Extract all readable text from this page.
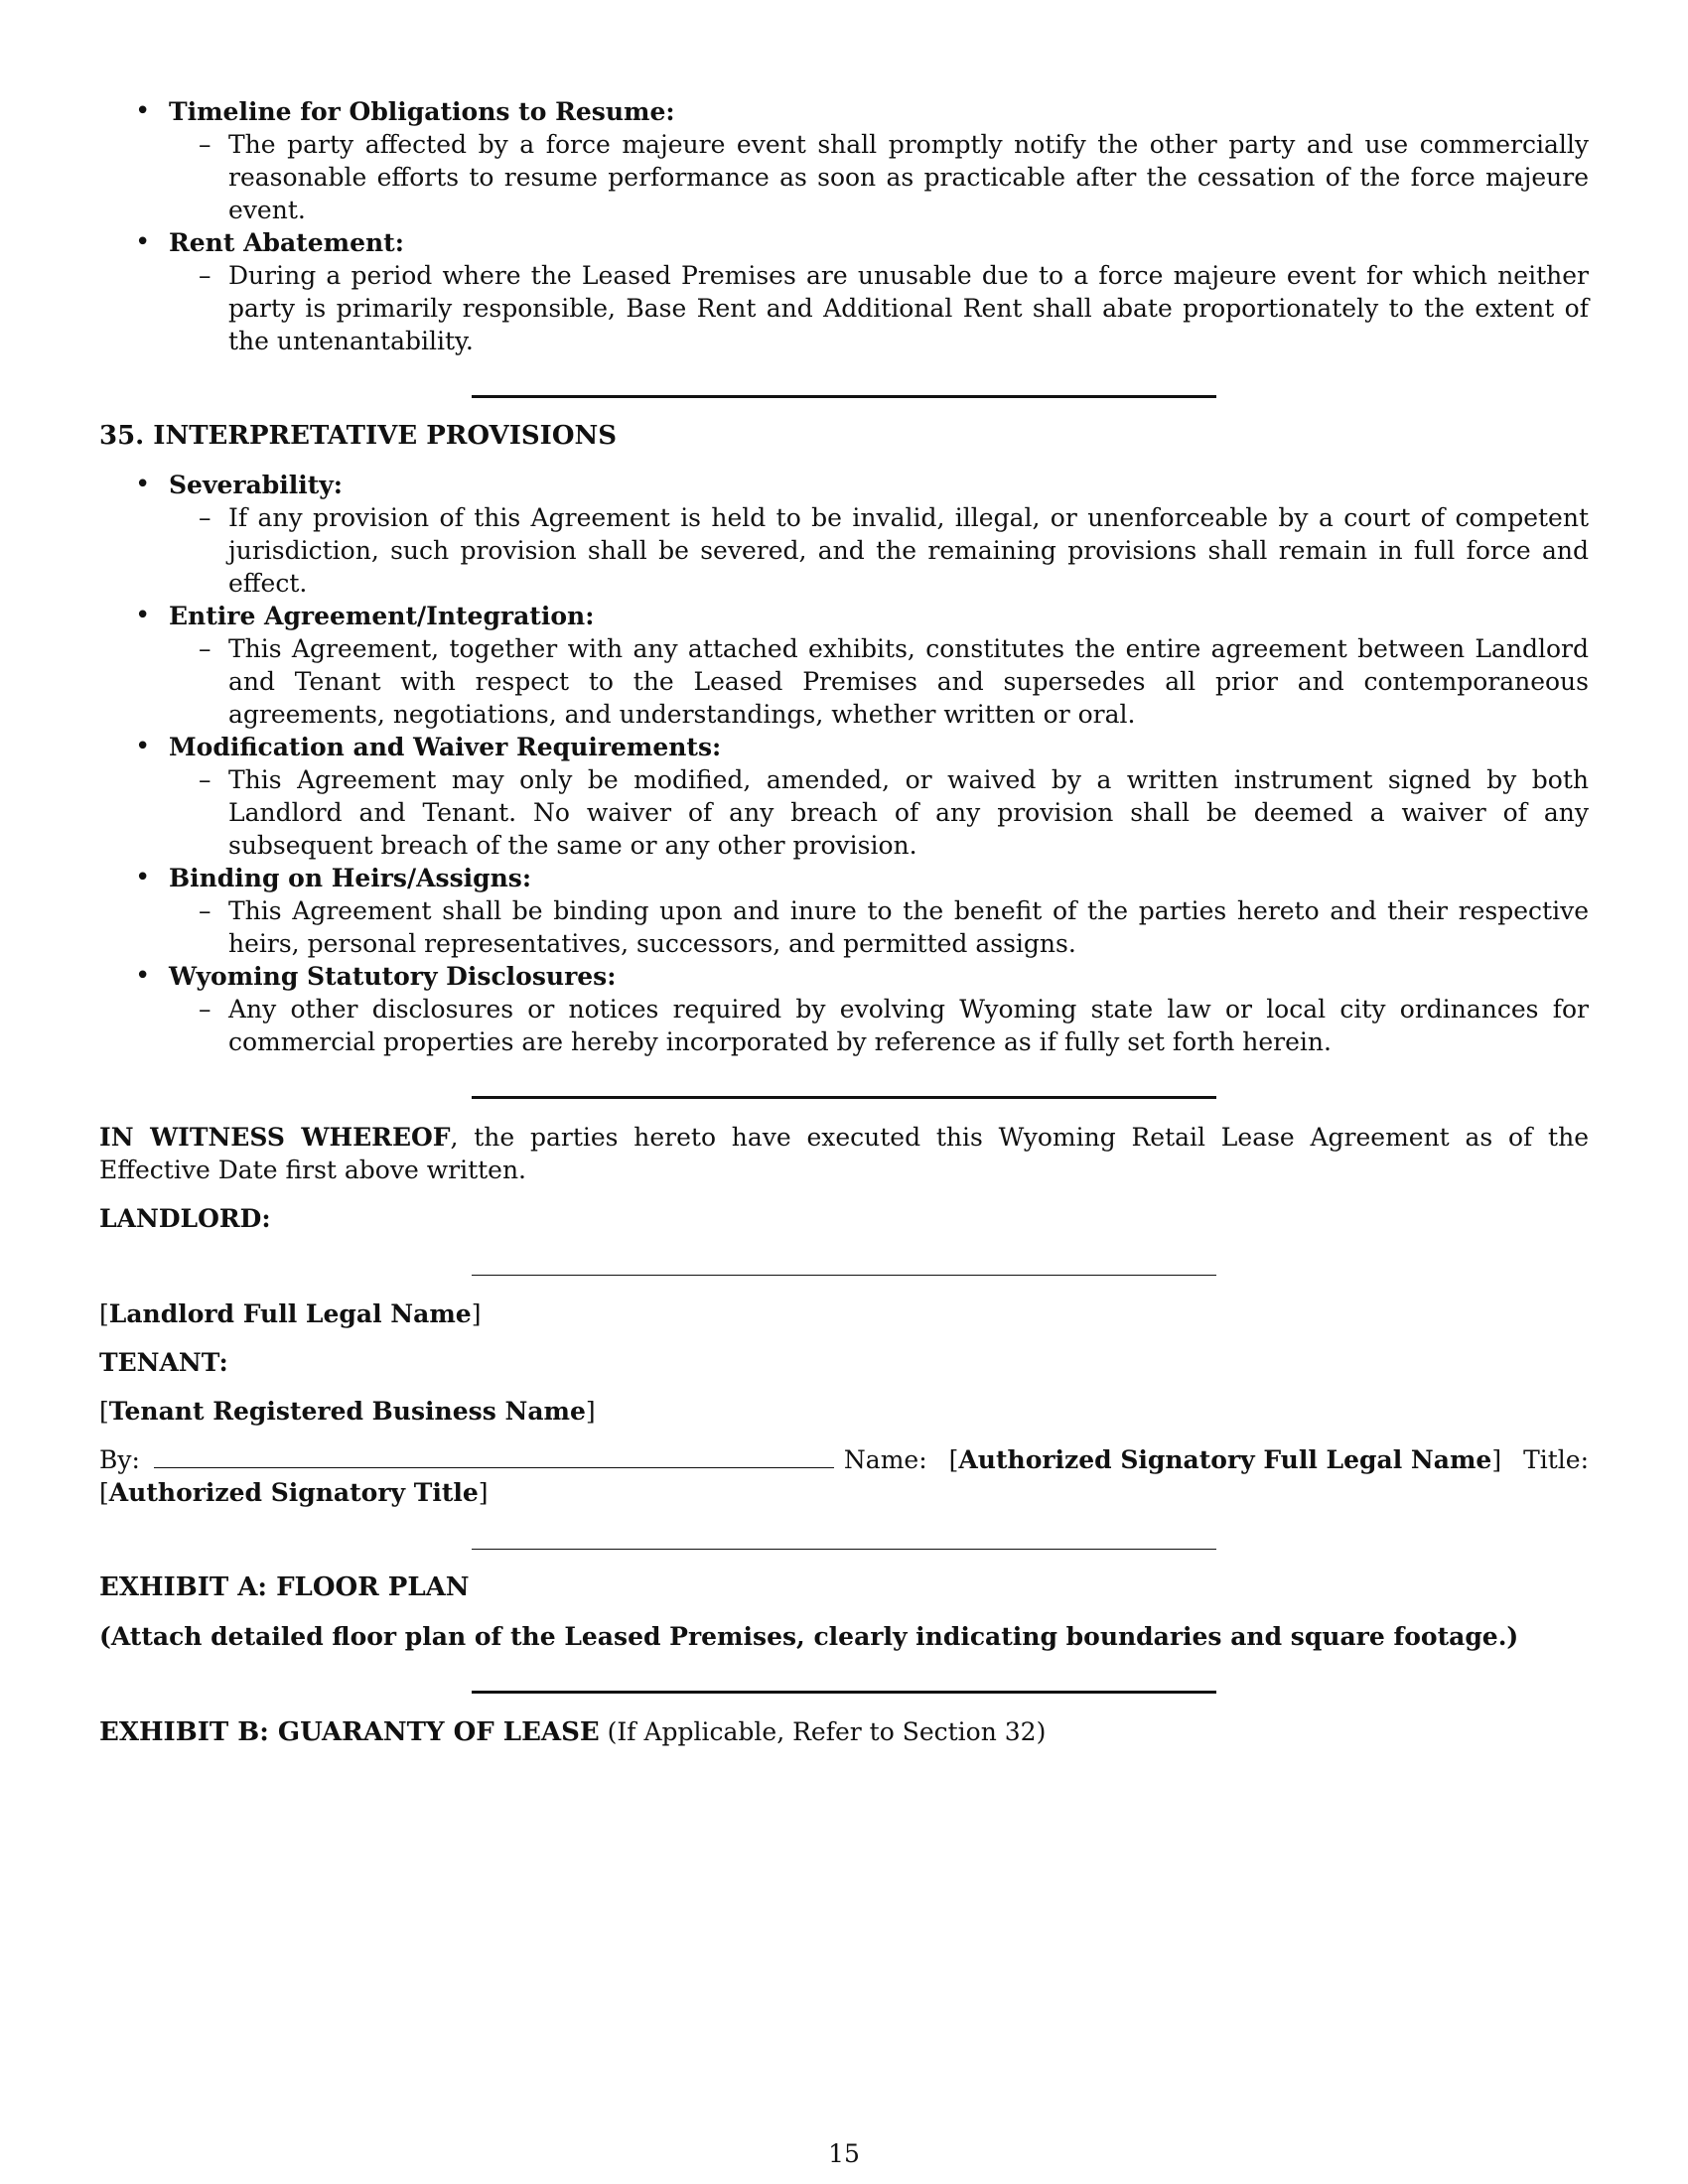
• Timeline for Obligations to Resume:
– The party affected by a force majeure event shall promptly notify the other party and use commercially reasonable efforts to resume performance as soon as practicable after the cessation of the force majeure event.
• Rent Abatement:
– During a period where the Leased Premises are unusable due to a force majeure event for which neither party is primarily responsible, Base Rent and Additional Rent shall abate proportionately to the extent of the untenantability.
35. INTERPRETATIVE PROVISIONS
• Severability:
– If any provision of this Agreement is held to be invalid, illegal, or unenforceable by a court of competent jurisdiction, such provision shall be severed, and the remaining provisions shall remain in full force and effect.
• Entire Agreement/Integration:
– This Agreement, together with any attached exhibits, constitutes the entire agreement between Landlord and Tenant with respect to the Leased Premises and supersedes all prior and contemporaneous agreements, negotiations, and understandings, whether written or oral.
• Modification and Waiver Requirements:
– This Agreement may only be modified, amended, or waived by a written instrument signed by both Landlord and Tenant. No waiver of any breach of any provision shall be deemed a waiver of any subsequent breach of the same or any other provision.
• Binding on Heirs/Assigns:
– This Agreement shall be binding upon and inure to the benefit of the parties hereto and their respective heirs, personal representatives, successors, and permitted assigns.
• Wyoming Statutory Disclosures:
– Any other disclosures or notices required by evolving Wyoming state law or local city ordinances for commercial properties are hereby incorporated by reference as if fully set forth herein.
IN WITNESS WHEREOF, the parties hereto have executed this Wyoming Retail Lease Agreement as of the Effective Date first above written.
LANDLORD:
[Landlord Full Legal Name]
TENANT:
[Tenant Registered Business Name]
By:	Name: [Authorized Signatory Full Legal Name] Title:
[Authorized Signatory Title]
EXHIBIT A: FLOOR PLAN
(Attach detailed floor plan of the Leased Premises, clearly indicating boundaries and square footage.)
EXHIBIT B: GUARANTY OF LEASE (If Applicable, Refer to Section 32)
15
